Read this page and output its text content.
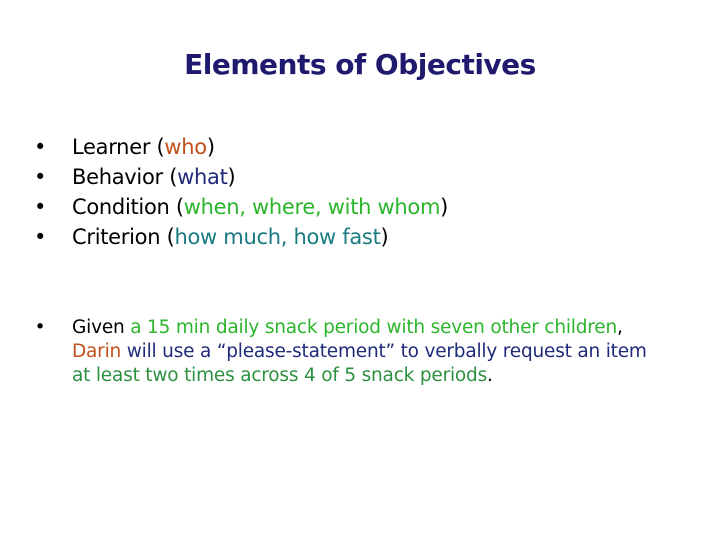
Elements of Objectives
• Learner (who)
• Behavior (what)
• Condition (when, where, with whom)
• Criterion (how much, how fast)
•	Given a 15 min daily snack period with seven other children, Darin will use a “please-statement” to verbally request an item at least two times across 4 of 5 snack periods.
